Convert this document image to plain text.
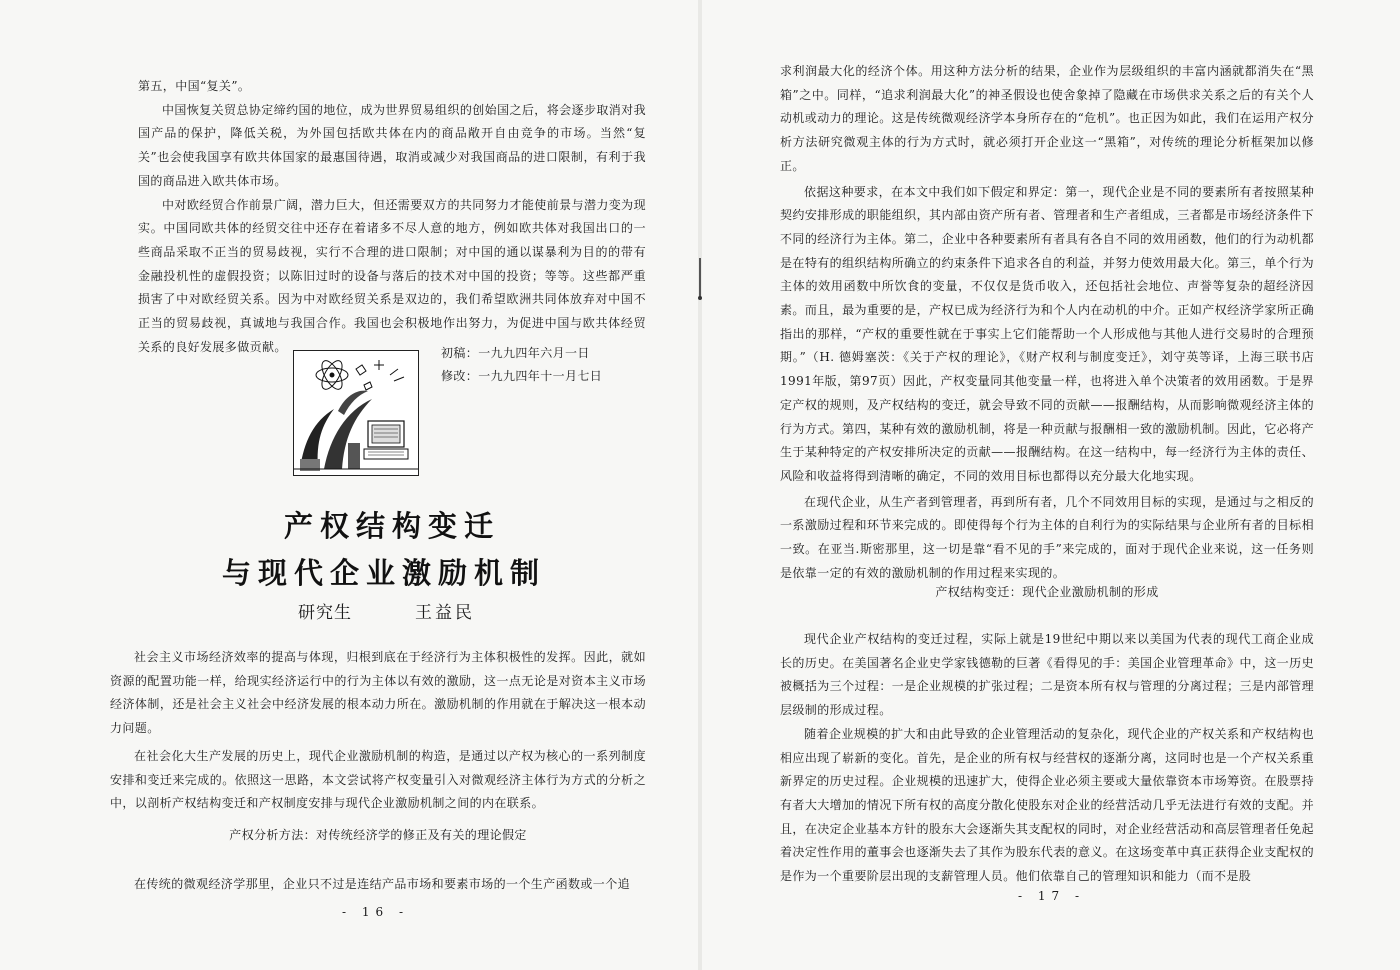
第五，中国“复关”。

中国恢复关贸总协定缔约国的地位，成为世界贸易组织的创始国之后，将会逐步取消对我国产品的保护，降低关税，为外国包括欧共体在内的商品敞开自由竞争的市场。当然“复关”也会使我国享有欧共体国家的最惠国待遇，取消或减少对我国商品的进口限制，有利于我国的商品进入欧共体市场。

中对欧经贸合作前景广阔，潜力巨大，但还需要双方的共同努力才能使前景与潜力变为现实。中国同欧共体的经贸交往中还存在着诸多不尽人意的地方，例如欧共体对我国出口的一些商品采取不正当的贸易歧视，实行不合理的进口限制；对中国的通以谋暴利为目的的带有金融投机性的虚假投资；以陈旧过时的设备与落后的技术对中国的投资；等等。这些都严重损害了中对欧经贸关系。因为中对欧经贸关系是双边的，我们希望欧洲共同体放弃对中国不正当的贸易歧视，真诚地与我国合作。我国也会积极地作出努力，为促进中国与欧共体经贸关系的良好发展多做贡献。	初稿：一九九四年六月一日
修改：一九九四年十一月七日
产权结构变迁
与现代企业激励机制
研究生	王益民

社会主义市场经济效率的提高与体现，归根到底在于经济行为主体积极性的发挥。因此，就如资源的配置功能一样，给现实经济运行中的行为主体以有效的激励，这一点无论是对资本主义市场经济体制，还是社会主义社会中经济发展的根本动力所在。激励机制的作用就在于解决这一根本动力问题。

在社会化大生产发展的历史上，现代企业激励机制的构造，是通过以产权为核心的一系列制度安排和变迁来完成的。依照这一思路，本文尝试将产权变量引入对微观经济主体行为方式的分析之中，以剖析产权结构变迁和产权制度安排与现代企业激励机制之间的内在联系。

产权分析方法：对传统经济学的修正及有关的理论假定
在传统的微观经济学那里，企业只不过是连结产品市场和要素市场的一个生产函数或一个追
- 16 -

求利润最大化的经济个体。用这种方法分析的结果，企业作为层级组织的丰富内涵就都消失在“黑箱”之中。同样，“追求利润最大化”的神圣假设也使舍象掉了隐藏在市场供求关系之后的有关个人动机或动力的理论。这是传统微观经济学本身所存在的“危机”。也正因为如此，我们在运用产权分析方法研究微观主体的行为方式时，就必须打开企业这一“黑箱”，对传统的理论分析框架加以修正。

依据这种要求，在本文中我们如下假定和界定：第一，现代企业是不同的要素所有者按照某种契约安排形成的职能组织，其内部由资产所有者、管理者和生产者组成，三者都是市场经济条件下不同的经济行为主体。第二，企业中各种要素所有者具有各自不同的效用函数，他们的行为动机都是在特有的组织结构所确立的约束条件下追求各自的利益，并努力使效用最大化。第三，单个行为主体的效用函数中所饮食的变量，不仅仅是货币收入，还包括社会地位、声誉等复杂的超经济因素。而且，最为重要的是，产权已成为经济行为和个人内在动机的中介。正如产权经济学家所正确指出的那样，“产权的重要性就在于事实上它们能帮助一个人形成他与其他人进行交易时的合理预期。”（H. 德姆塞茨：《关于产权的理论》，《财产权利与制度变迁》，刘守英等译，上海三联书店1991年版，第97页）因此，产权变量同其他变量一样，也将进入单个决策者的效用函数。于是界定产权的规则，及产权结构的变迁，就会导致不同的贡献——报酬结构，从而影响微观经济主体的行为方式。第四，某种有效的激励机制，将是一种贡献与报酬相一致的激励机制。因此，它必将产生于某种特定的产权安排所决定的贡献——报酬结构。在这一结构中，每一经济行为主体的责任、风险和收益将得到清晰的确定，不同的效用目标也都得以充分最大化地实现。

在现代企业，从生产者到管理者，再到所有者，几个不同效用目标的实现，是通过与之相反的一系激励过程和环节来完成的。即使得每个行为主体的自利行为的实际结果与企业所有者的目标相一致。在亚当.斯密那里，这一切是靠“看不见的手”来完成的，面对于现代企业来说，这一任务则是依靠一定的有效的激励机制的作用过程来实现的。

产权结构变迁：现代企业激励机制的形成

现代企业产权结构的变迁过程，实际上就是19世纪中期以来以美国为代表的现代工商企业成长的历史。在美国著名企业史学家钱德勒的巨著《看得见的手：美国企业管理革命》中，这一历史被概括为三个过程：一是企业规模的扩张过程；二是资本所有权与管理的分离过程；三是内部管理层级制的形成过程。

随着企业规模的扩大和由此导致的企业管理活动的复杂化，现代企业的产权关系和产权结构也相应出现了崭新的变化。首先，是企业的所有权与经营权的逐渐分离，这同时也是一个产权关系重新界定的历史过程。企业规模的迅速扩大，使得企业必须主要或大量依靠资本市场筹资。在股票持有者大大增加的情况下所有权的高度分散化使股东对企业的经营活动几乎无法进行有效的支配。并且，在决定企业基本方针的股东大会逐渐失其支配权的同时，对企业经营活动和高层管理者任免起着决定性作用的董事会也逐渐失去了其作为股东代表的意义。在这场变革中真正获得企业支配权的是作为一个重要阶层出现的支薪管理人员。他们依靠自己的管理知识和能力（而不是股

- 17 -
